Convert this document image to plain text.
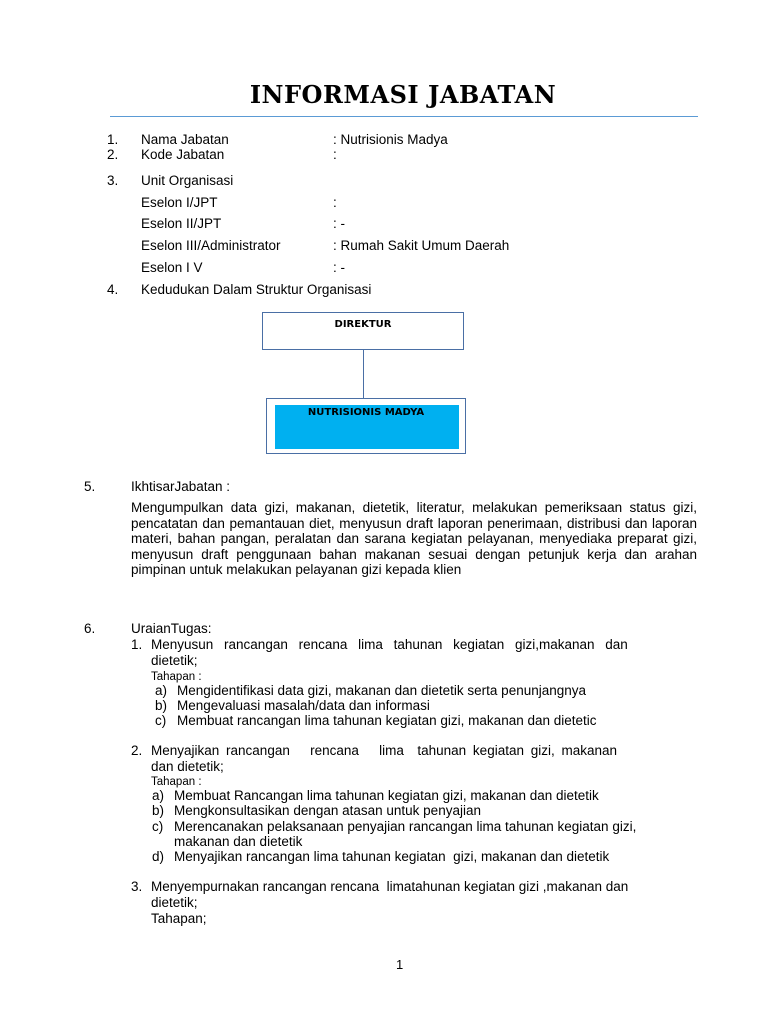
INFORMASI JABATAN
1. Nama Jabatan	: Nutrisionis Madya
2. Kode Jabatan	:
3. Unit Organisasi
Eselon I/JPT	:
Eselon II/JPT	: -
Eselon III/Administrator	: Rumah Sakit Umum Daerah
Eselon I V	: -
4. Kedudukan Dalam Struktur Organisasi
DIREKTUR
NUTRISIONIS MADYA
5.	IkhtisarJabatan :
Mengumpulkan data gizi, makanan, dietetik, literatur, melakukan pemeriksaan status gizi, pencatatan dan pemantauan diet, menyusun draft laporan penerimaan, distribusi dan laporan materi, bahan pangan, peralatan dan sarana kegiatan pelayanan, menyediaka preparat gizi, menyusun draft penggunaan bahan makanan sesuai dengan petunjuk kerja dan arahan pimpinan untuk melakukan pelayanan gizi kepada klien
6.	UraianTugas:
1. Menyusun rancangan rencana lima tahunan kegiatan gizi,makanan dan
dietetik;
Tahapan :
a) Mengidentifikasi data gizi, makanan dan dietetik serta penunjangnya
b) Mengevaluasi masalah/data dan informasi
c) Membuat rancangan lima tahunan kegiatan gizi, makanan dan dietetic
2. Menyajikan rancangan   rencana   lima  tahunan kegiatan gizi, makanan
dan dietetik;
Tahapan :
a) Membuat Rancangan lima tahunan kegiatan gizi, makanan dan dietetik
b) Mengkonsultasikan dengan atasan untuk penyajian
c) Merencanakan pelaksanaan penyajian rancangan lima tahunan kegiatan gizi,
makanan dan dietetik
d) Menyajikan rancangan lima tahunan kegiatan  gizi, makanan dan dietetik
3. Menyempurnakan rancangan rencana  limatahunan kegiatan gizi ,makanan dan
dietetik;
Tahapan;
1
